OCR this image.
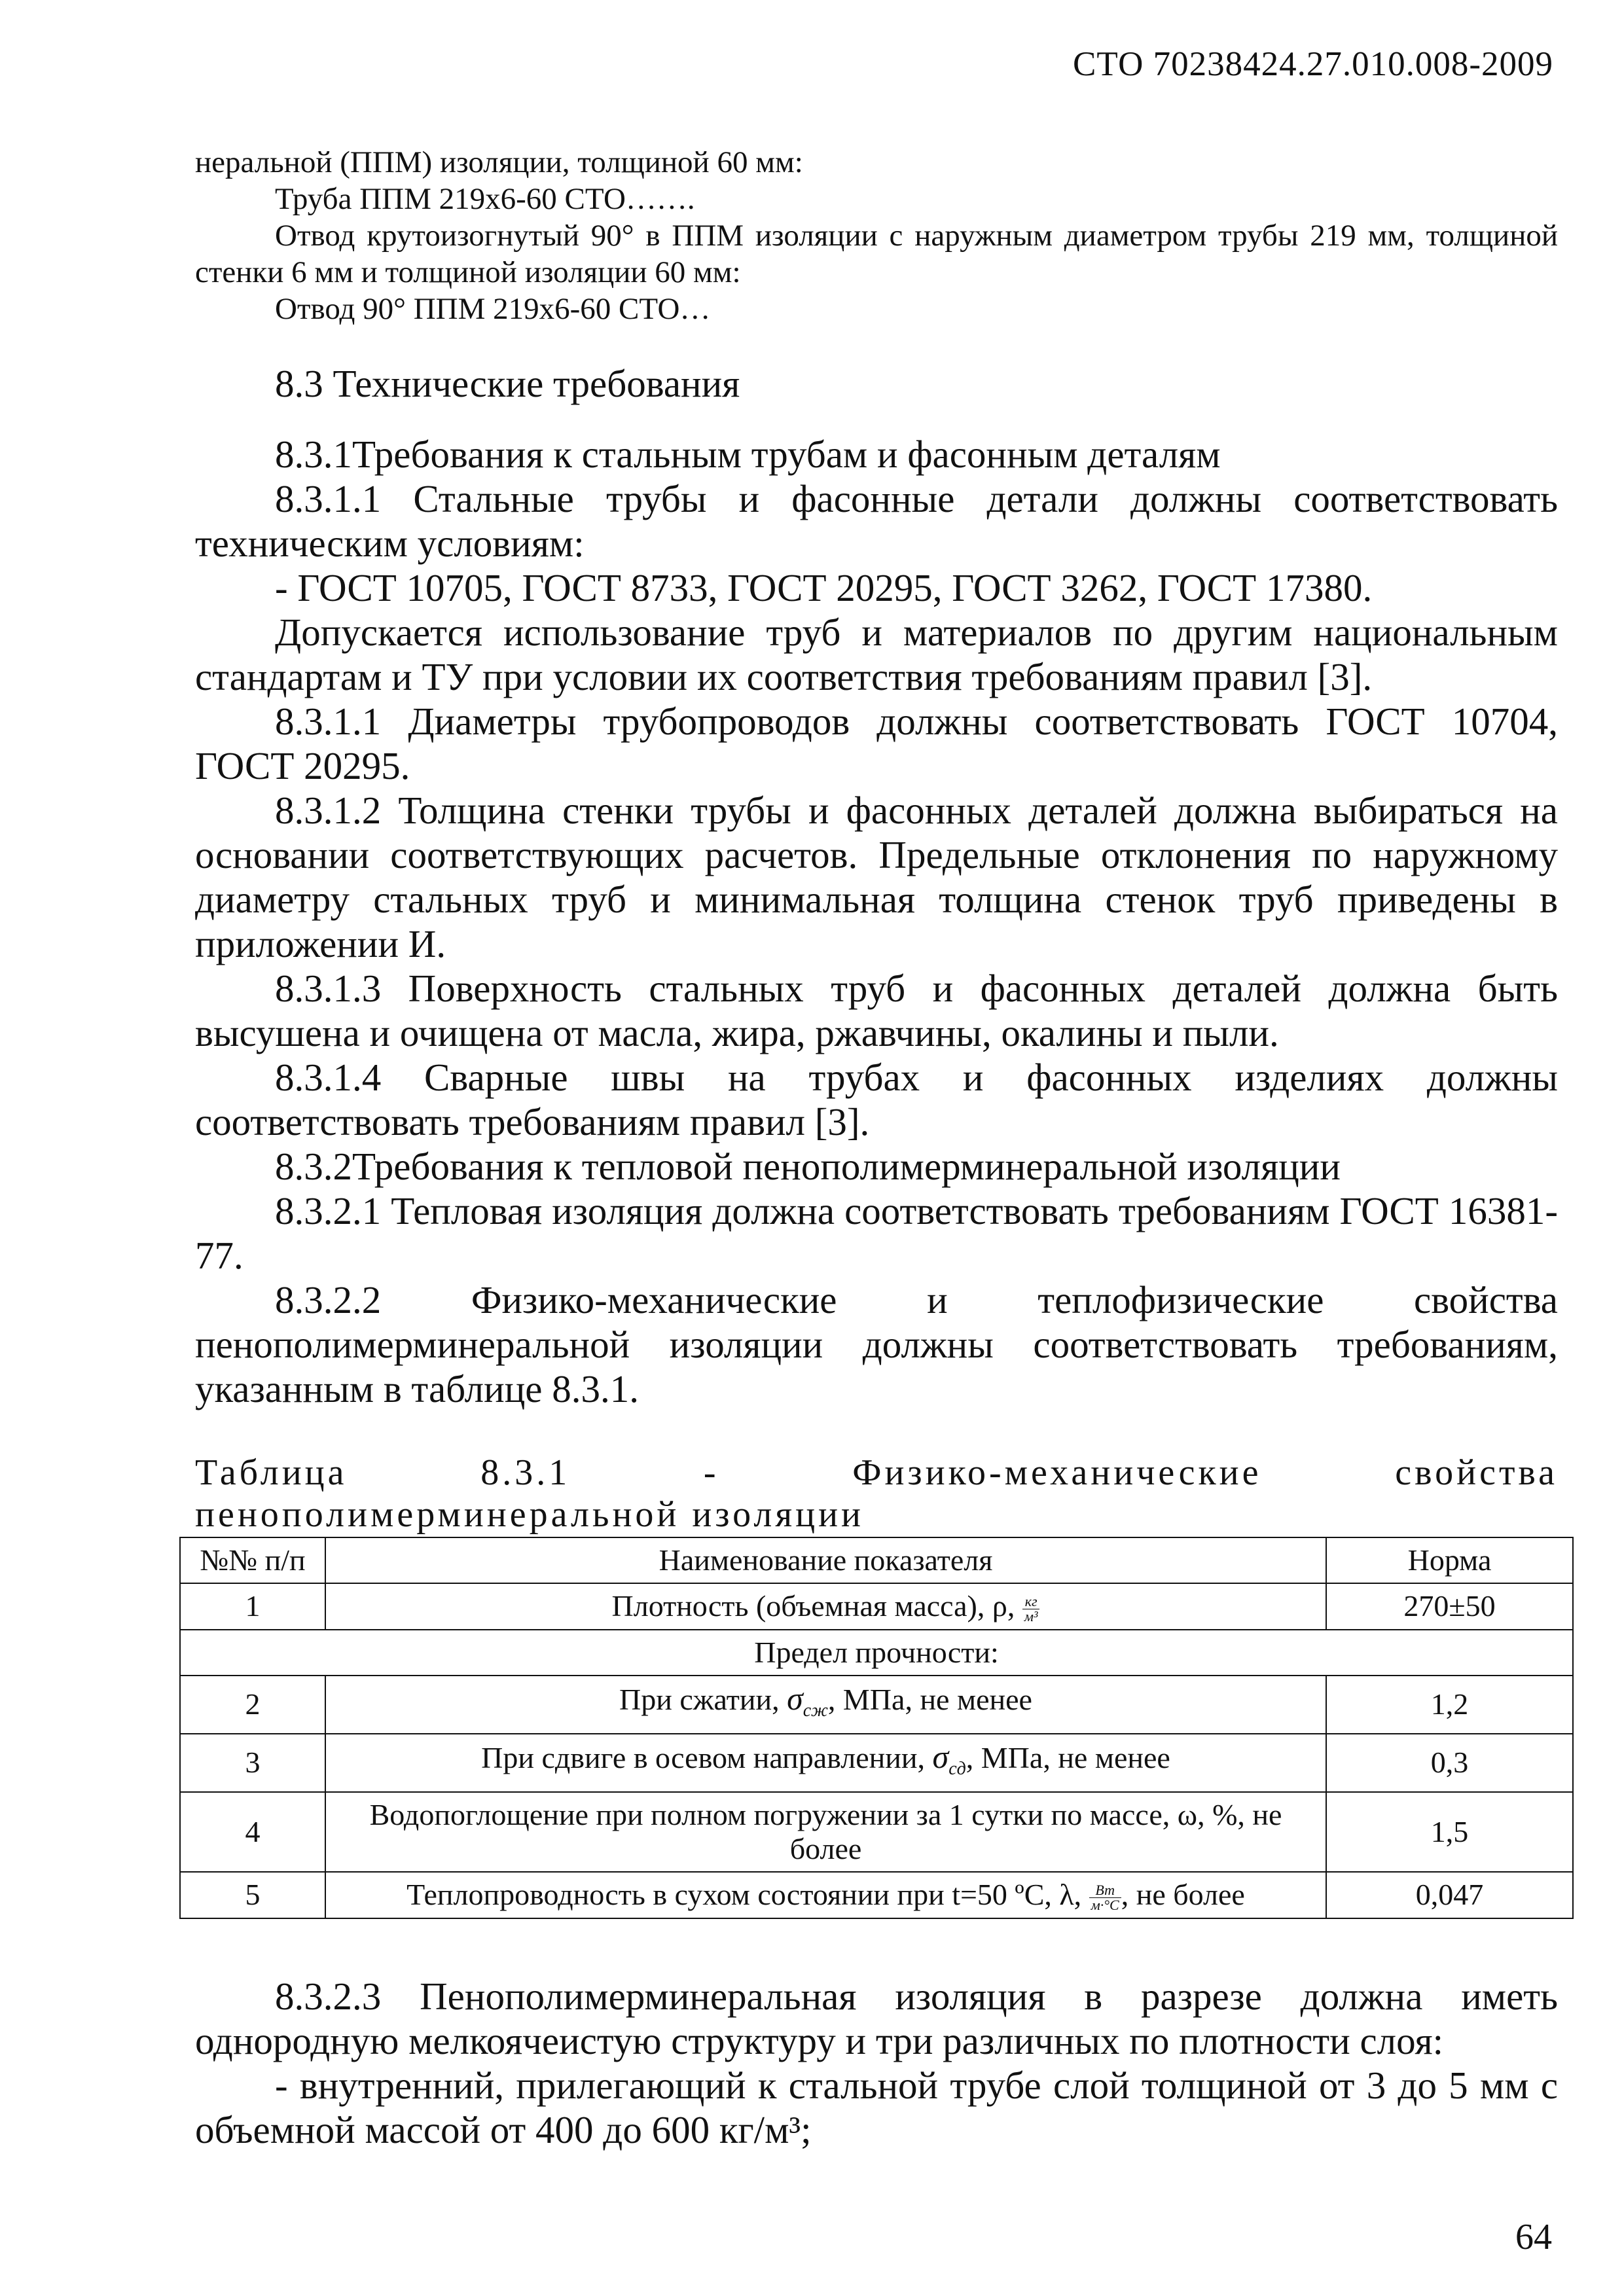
СТО 70238424.27.010.008-2009

неральной (ППМ) изоляции, толщиной 60 мм:

Труба ППМ 219х6-60 СТО…….

Отвод крутоизогнутый 90° в ППМ изоляции с наружным диаметром трубы 219 мм, толщиной стенки 6 мм и толщиной изоляции 60 мм:

Отвод 90° ППМ 219х6-60 СТО…

8.3 Технические требования

8.3.1Требования к стальным трубам и фасонным деталям

8.3.1.1 Стальные трубы и фасонные детали должны соответствовать техническим условиям:

- ГОСТ 10705, ГОСТ 8733, ГОСТ 20295, ГОСТ 3262, ГОСТ 17380.

Допускается использование труб и материалов по другим национальным стандартам и ТУ при условии их соответствия требованиям правил [3].

8.3.1.1 Диаметры трубопроводов должны соответствовать ГОСТ 10704, ГОСТ 20295.

8.3.1.2 Толщина стенки трубы и фасонных деталей должна выбираться на основании соответствующих расчетов. Предельные отклонения по наружному диаметру стальных труб и минимальная толщина стенок труб приведены в приложении И.

8.3.1.3 Поверхность стальных труб и фасонных деталей должна быть высушена и очищена от масла, жира, ржавчины, окалины и пыли.

8.3.1.4 Сварные швы на трубах и фасонных изделиях должны соответствовать требованиям правил [3].

8.3.2Требования к тепловой пенополимерминеральной изоляции

8.3.2.1 Тепловая изоляция должна соответствовать требованиям ГОСТ 16381-77.

8.3.2.2 Физико-механические и теплофизические свойства пенополимерминеральной изоляции должны соответствовать требованиям, указанным в таблице 8.3.1.

Таблица 8.3.1 - Физико-механические свойства пенополимерминеральной изоляции
№№ п/п	Наименование показателя	Норма
1	Плотность (объемная масса), ρ, $\frac{кг}{\text{м³}}$	270±50
Предел прочности:		
2	При сжатии, $\sigma_{сж}$, МПа, не менее	1,2
3	При сдвиге в осевом направлении, $\sigma_{сд}$, МПа, не менее	0,3
4	Водопоглощение при полном погружении за 1 сутки по массе, ω, %, не более	1,5
5	Теплопроводность в сухом состоянии при t=50 ºС, λ, $\frac{Вт}{м\cdot^\circ С}$ , не более	0,047

8.3.2.3 Пенополимерминеральная изоляция в разрезе должна иметь однородную мелкоячеистую структуру и три различных по плотности слоя:

- внутренний, прилегающий к стальной трубе слой толщиной от 3 до 5 мм с объемной массой от 400 до 600 кг/м³;

64
